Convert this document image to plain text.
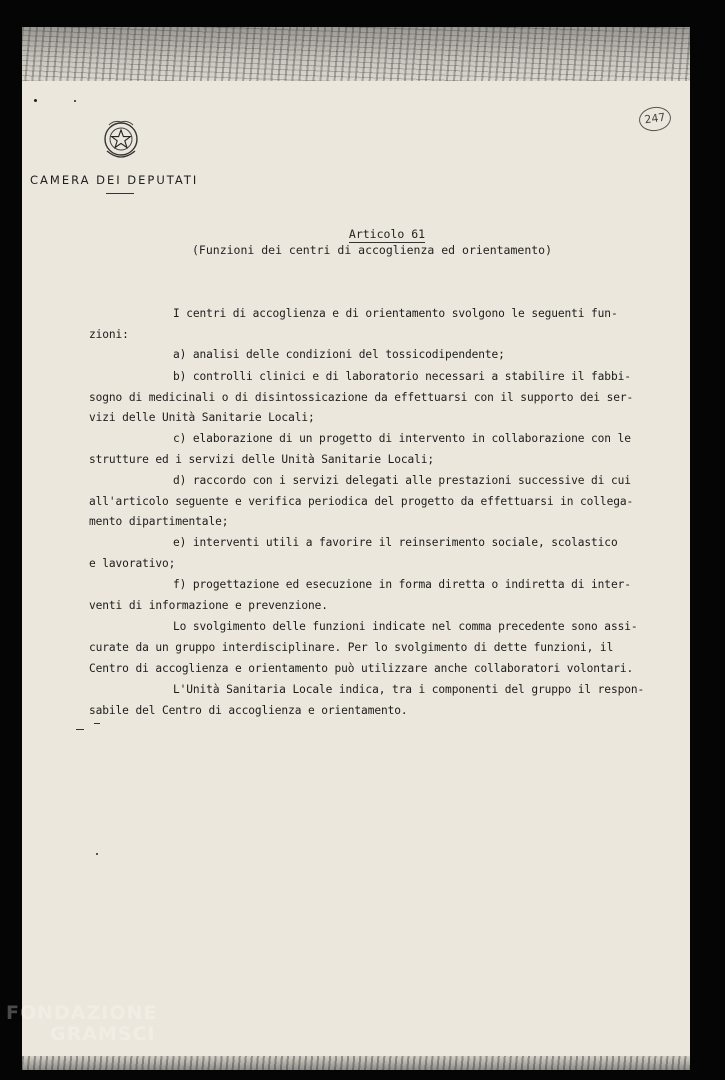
CAMERA DEI DEPUTATI
247
Articolo 61
(Funzioni dei centri di accoglienza ed orientamento)
I centri di accoglienza e di orientamento svolgono le seguenti fun-
zioni:
a) analisi delle condizioni del tossicodipendente;
b) controlli clinici e di laboratorio necessari a stabilire il fabbi-
sogno di medicinali o di disintossicazione da effettuarsi con il supporto dei ser-
vizi delle Unità Sanitarie Locali;
c) elaborazione di un progetto di intervento in collaborazione con le
strutture ed i servizi delle Unità Sanitarie Locali;
d) raccordo con i servizi delegati alle prestazioni successive di cui
all'articolo seguente e verifica periodica del progetto da effettuarsi in collega-
mento dipartimentale;
e) interventi utili a favorire il reinserimento sociale, scolastico
e lavorativo;
f) progettazione ed esecuzione in forma diretta o indiretta di inter-
venti di informazione e prevenzione.
Lo svolgimento delle funzioni indicate nel comma precedente sono assi-
curate da un gruppo interdisciplinare. Per lo svolgimento di dette funzioni, il
Centro di accoglienza e orientamento può utilizzare anche collaboratori volontari.
L'Unità Sanitaria Locale indica, tra i componenti del gruppo il respon-
sabile del Centro di accoglienza e orientamento.
FONDAZIONE
GRAMSCI
